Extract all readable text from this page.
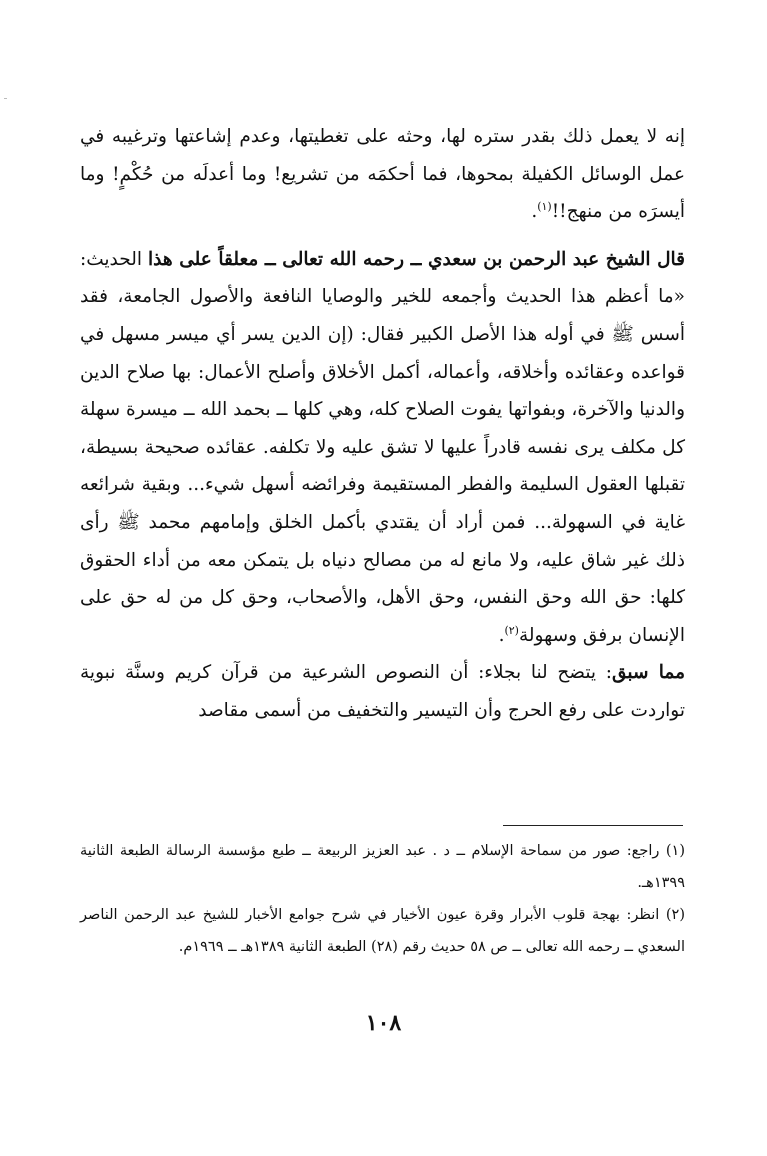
إنه لا يعمل ذلك بقدر ستره لها، وحثه على تغطيتها، وعدم إشاعتها وترغيبه في عمل الوسائل الكفيلة بمحوها، فما أحكمَه من تشريع! وما أعدلَه من حُكْمٍ! وما أيسرَه من منهج!!$^{(١)}$.

قال الشيخ عبد الرحمن بن سعدي ــ رحمه الله تعالى ــ معلقاً على هذا الحديث: «ما أعظم هذا الحديث وأجمعه للخير والوصايا النافعة والأصول الجامعة، فقد أسس ﷺ في أوله هذا الأصل الكبير فقال: (إن الدين يسر أي ميسر مسهل في قواعده وعقائده وأخلاقه، وأعماله، أكمل الأخلاق وأصلح الأعمال: بها صلاح الدين والدنيا والآخرة، وبفواتها يفوت الصلاح كله، وهي كلها ــ بحمد الله ــ ميسرة سهلة كل مكلف يرى نفسه قادراً عليها لا تشق عليه ولا تكلفه. عقائده صحيحة بسيطة، تقبلها العقول السليمة والفطر المستقيمة وفرائضه أسهل شيء... وبقية شرائعه غاية في السهولة... فمن أراد أن يقتدي بأكمل الخلق وإمامهم محمد ﷺ رأى ذلك غير شاق عليه، ولا مانع له من مصالح دنياه بل يتمكن معه من أداء الحقوق كلها: حق الله وحق النفس، وحق الأهل، والأصحاب، وحق كل من له حق على الإنسان برفق وسهولة$^{(٢)}$.

مما سبق: يتضح لنا بجلاء: أن النصوص الشرعية من قرآن كريم وسنَّة نبوية تواردت على رفع الحرج وأن التيسير والتخفيف من أسمى مقاصد

(١) راجع: صور من سماحة الإسلام ــ د . عبد العزيز الربيعة ــ طبع مؤسسة الرسالة الطبعة الثانية ١٣٩٩هـ.

(٢) انظر: بهجة قلوب الأبرار وقرة عيون الأخيار في شرح جوامع الأخبار للشيخ عبد الرحمن الناصر السعدي ــ رحمه الله تعالى ــ ص ٥٨ حديث رقم (٢٨) الطبعة الثانية ١٣٨٩هـ ــ ١٩٦٩م.

١٠٨
